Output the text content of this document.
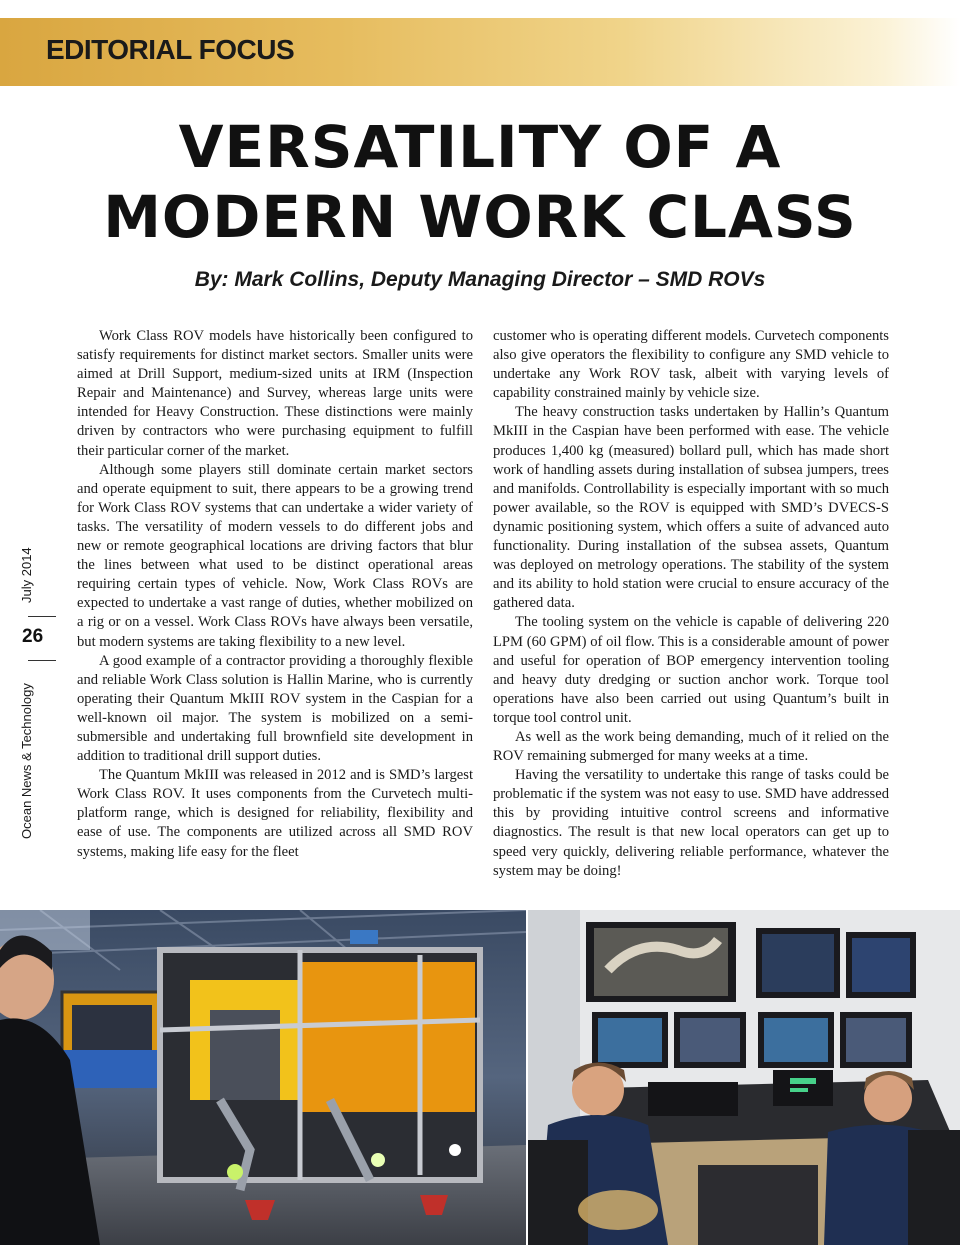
EDITORIAL FOCUS
VERSATILITY OF A
MODERN WORK CLASS
By: Mark Collins, Deputy Managing Director – SMD ROVs

Work Class ROV models have historically been configured to satisfy requirements for distinct market sectors. Smaller units were aimed at Drill Support, medium-sized units at IRM (Inspection Repair and Maintenance) and Survey, whereas large units were intended for Heavy Construction. These distinctions were mainly driven by contractors who were purchasing equipment to fulfill their particular corner of the market.

Although some players still dominate certain market sectors and operate equipment to suit, there appears to be a growing trend for Work Class ROV systems that can undertake a wider variety of tasks. The versatility of modern vessels to do different jobs and new or remote geographical locations are driving factors that blur the lines between what used to be distinct operational areas requiring certain types of vehicle. Now, Work Class ROVs are expected to undertake a vast range of duties, whether mobilized on a rig or on a vessel. Work Class ROVs have always been versatile, but modern systems are taking flexibility to a new level.

A good example of a contractor providing a thoroughly flexible and reliable Work Class solution is Hallin Marine, who is currently operating their Quantum MkIII ROV system in the Caspian for a well-known oil major. The system is mobilized on a semi-submersible and undertaking full brownfield site development in addition to traditional drill support duties.

The Quantum MkIII was released in 2012 and is SMD’s largest Work Class ROV. It uses components from the Curvetech multi-platform range, which is designed for reliability, flexibility and ease of use. The components are utilized across all SMD ROV systems, making life easy for the fleet

customer who is operating different models. Curvetech components also give operators the flexibility to configure any SMD vehicle to undertake any Work ROV task, albeit with varying levels of capability constrained mainly by vehicle size.

The heavy construction tasks undertaken by Hallin’s Quantum MkIII in the Caspian have been performed with ease. The vehicle produces 1,400 kg (measured) bollard pull, which has made short work of handling assets during installation of subsea jumpers, trees and manifolds. Controllability is especially important with so much power available, so the ROV is equipped with SMD’s DVECS-S dynamic positioning system, which offers a suite of advanced auto functionality. During installation of the subsea assets, Quantum was deployed on metrology operations. The stability of the system and its ability to hold station were crucial to ensure accuracy of the gathered data.

The tooling system on the vehicle is capable of delivering 220 LPM (60 GPM) of oil flow. This is a considerable amount of power and useful for operation of BOP emergency intervention tooling and heavy duty dredging or suction anchor work. Torque tool operations have also been carried out using Quantum’s built in torque tool control unit.

As well as the work being demanding, much of it relied on the ROV remaining submerged for many weeks at a time.

Having the versatility to undertake this range of tasks could be problematic if the system was not easy to use. SMD have addressed this by providing intuitive control screens and informative diagnostics. The result is that new local operators can get up to speed very quickly, delivering reliable performance, whatever the system may be doing!

July 2014
26
Ocean News & Technology
